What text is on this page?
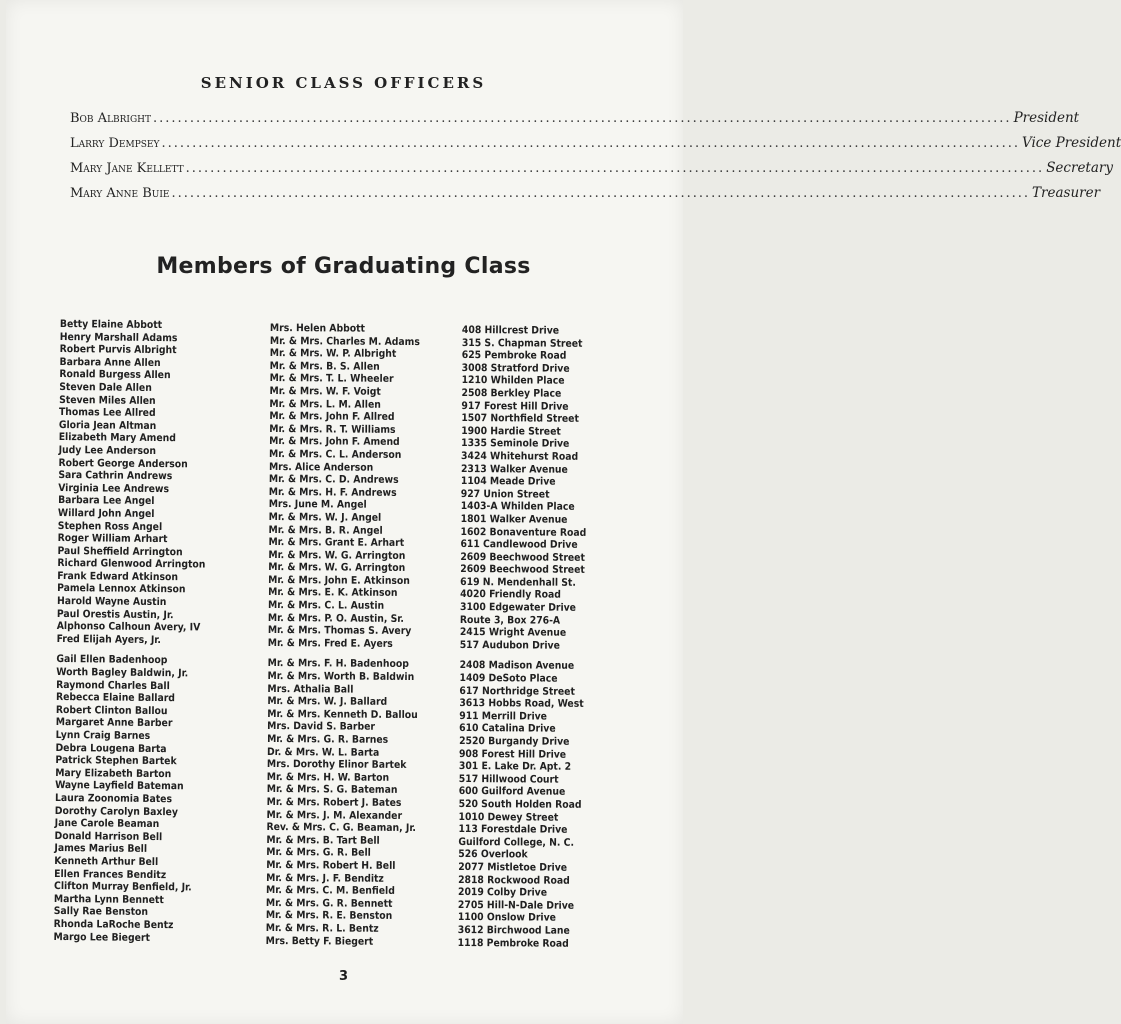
SENIOR CLASS OFFICERS
Bob Albright ............................................................................................................................................ President
Larry Dempsey ............................................................................................................................................ Vice President
Mary Jane Kellett ............................................................................................................................................ Secretary
Mary Anne Buie ............................................................................................................................................ Treasurer
Members of Graduating Class
Betty Elaine Abbott
Henry Marshall Adams
Robert Purvis Albright
Barbara Anne Allen
Ronald Burgess Allen
Steven Dale Allen
Steven Miles Allen
Thomas Lee Allred
Gloria Jean Altman
Elizabeth Mary Amend
Judy Lee Anderson
Robert George Anderson
Sara Cathrin Andrews
Virginia Lee Andrews
Barbara Lee Angel
Willard John Angel
Stephen Ross Angel
Roger William Arhart
Paul Sheffield Arrington
Richard Glenwood Arrington
Frank Edward Atkinson
Pamela Lennox Atkinson
Harold Wayne Austin
Paul Orestis Austin, Jr.
Alphonso Calhoun Avery, IV
Fred Elijah Ayers, Jr.
Gail Ellen Badenhoop
Worth Bagley Baldwin, Jr.
Raymond Charles Ball
Rebecca Elaine Ballard
Robert Clinton Ballou
Margaret Anne Barber
Lynn Craig Barnes
Debra Lougena Barta
Patrick Stephen Bartek
Mary Elizabeth Barton
Wayne Layfield Bateman
Laura Zoonomia Bates
Dorothy Carolyn Baxley
Jane Carole Beaman
Donald Harrison Bell
James Marius Bell
Kenneth Arthur Bell
Ellen Frances Benditz
Clifton Murray Benfield, Jr.
Martha Lynn Bennett
Sally Rae Benston
Rhonda LaRoche Bentz
Margo Lee Biegert
Mrs. Helen Abbott
Mr. & Mrs. Charles M. Adams
Mr. & Mrs. W. P. Albright
Mr. & Mrs. B. S. Allen
Mr. & Mrs. T. L. Wheeler
Mr. & Mrs. W. F. Voigt
Mr. & Mrs. L. M. Allen
Mr. & Mrs. John F. Allred
Mr. & Mrs. R. T. Williams
Mr. & Mrs. John F. Amend
Mr. & Mrs. C. L. Anderson
Mrs. Alice Anderson
Mr. & Mrs. C. D. Andrews
Mr. & Mrs. H. F. Andrews
Mrs. June M. Angel
Mr. & Mrs. W. J. Angel
Mr. & Mrs. B. R. Angel
Mr. & Mrs. Grant E. Arhart
Mr. & Mrs. W. G. Arrington
Mr. & Mrs. W. G. Arrington
Mr. & Mrs. John E. Atkinson
Mr. & Mrs. E. K. Atkinson
Mr. & Mrs. C. L. Austin
Mr. & Mrs. P. O. Austin, Sr.
Mr. & Mrs. Thomas S. Avery
Mr. & Mrs. Fred E. Ayers
Mr. & Mrs. F. H. Badenhoop
Mr. & Mrs. Worth B. Baldwin
Mrs. Athalia Ball
Mr. & Mrs. W. J. Ballard
Mr. & Mrs. Kenneth D. Ballou
Mrs. David S. Barber
Mr. & Mrs. G. R. Barnes
Dr. & Mrs. W. L. Barta
Mrs. Dorothy Elinor Bartek
Mr. & Mrs. H. W. Barton
Mr. & Mrs. S. G. Bateman
Mr. & Mrs. Robert J. Bates
Mr. & Mrs. J. M. Alexander
Rev. & Mrs. C. G. Beaman, Jr.
Mr. & Mrs. B. Tart Bell
Mr. & Mrs. G. R. Bell
Mr. & Mrs. Robert H. Bell
Mr. & Mrs. J. F. Benditz
Mr. & Mrs. C. M. Benfield
Mr. & Mrs. G. R. Bennett
Mr. & Mrs. R. E. Benston
Mr. & Mrs. R. L. Bentz
Mrs. Betty F. Biegert
408 Hillcrest Drive
315 S. Chapman Street
625 Pembroke Road
3008 Stratford Drive
1210 Whilden Place
2508 Berkley Place
917 Forest Hill Drive
1507 Northfield Street
1900 Hardie Street
1335 Seminole Drive
3424 Whitehurst Road
2313 Walker Avenue
1104 Meade Drive
927 Union Street
1403-A Whilden Place
1801 Walker Avenue
1602 Bonaventure Road
611 Candlewood Drive
2609 Beechwood Street
2609 Beechwood Street
619 N. Mendenhall St.
4020 Friendly Road
3100 Edgewater Drive
Route 3, Box 276-A
2415 Wright Avenue
517 Audubon Drive
2408 Madison Avenue
1409 DeSoto Place
617 Northridge Street
3613 Hobbs Road, West
911 Merrill Drive
610 Catalina Drive
2520 Burgandy Drive
908 Forest Hill Drive
301 E. Lake Dr. Apt. 2
517 Hillwood Court
600 Guilford Avenue
520 South Holden Road
1010 Dewey Street
113 Forestdale Drive
Guilford College, N. C.
526 Overlook
2077 Mistletoe Drive
2818 Rockwood Road
2019 Colby Drive
2705 Hill-N-Dale Drive
1100 Onslow Drive
3612 Birchwood Lane
1118 Pembroke Road
3
